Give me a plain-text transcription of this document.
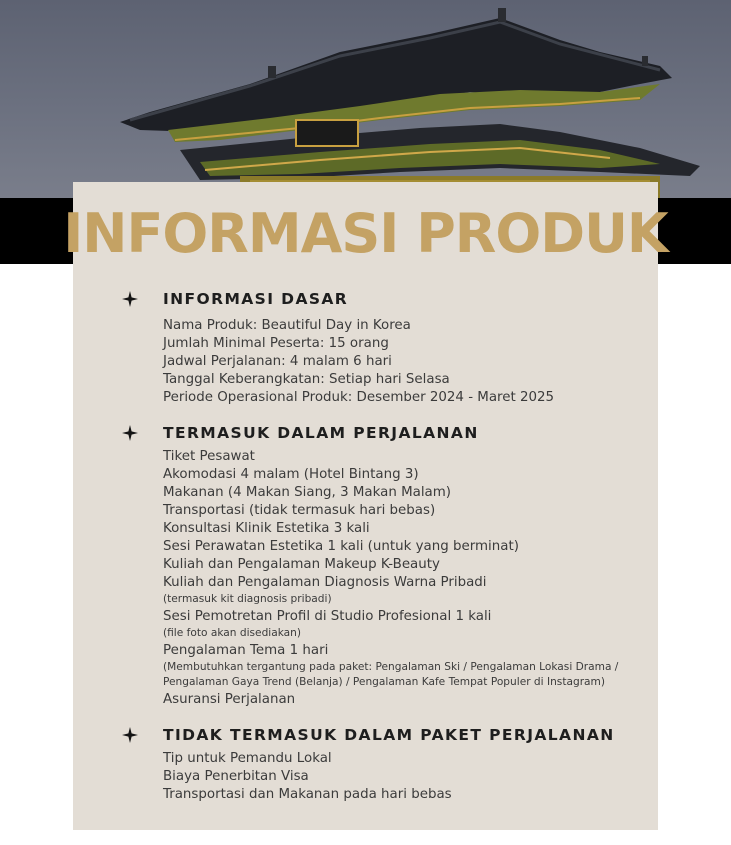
INFORMASI PRODUK
INFORMASI DASAR

Nama Produk: Beautiful Day in Korea

Jumlah Minimal Peserta: 15 orang

Jadwal Perjalanan: 4 malam 6 hari

Tanggal Keberangkatan: Setiap hari Selasa

Periode Operasional Produk: Desember 2024 - Maret 2025

TERMASUK DALAM PERJALANAN

Tiket Pesawat

Akomodasi 4 malam (Hotel Bintang 3)

Makanan (4 Makan Siang, 3 Makan Malam)

Transportasi (tidak termasuk hari bebas)

Konsultasi Klinik Estetika 3 kali

Sesi Perawatan Estetika 1 kali (untuk yang berminat)

Kuliah dan Pengalaman Makeup K-Beauty

Kuliah dan Pengalaman Diagnosis Warna Pribadi

(termasuk kit diagnosis pribadi)

Sesi Pemotretan Profil di Studio Profesional 1 kali

(file foto akan disediakan)

Pengalaman Tema 1 hari

(Membutuhkan tergantung pada paket: Pengalaman Ski / Pengalaman Lokasi Drama / Pengalaman Gaya Trend (Belanja) / Pengalaman Kafe Tempat Populer di Instagram)

Asuransi Perjalanan

TIDAK TERMASUK DALAM PAKET PERJALANAN

Tip untuk Pemandu Lokal

Biaya Penerbitan Visa

Transportasi dan Makanan pada hari bebas
